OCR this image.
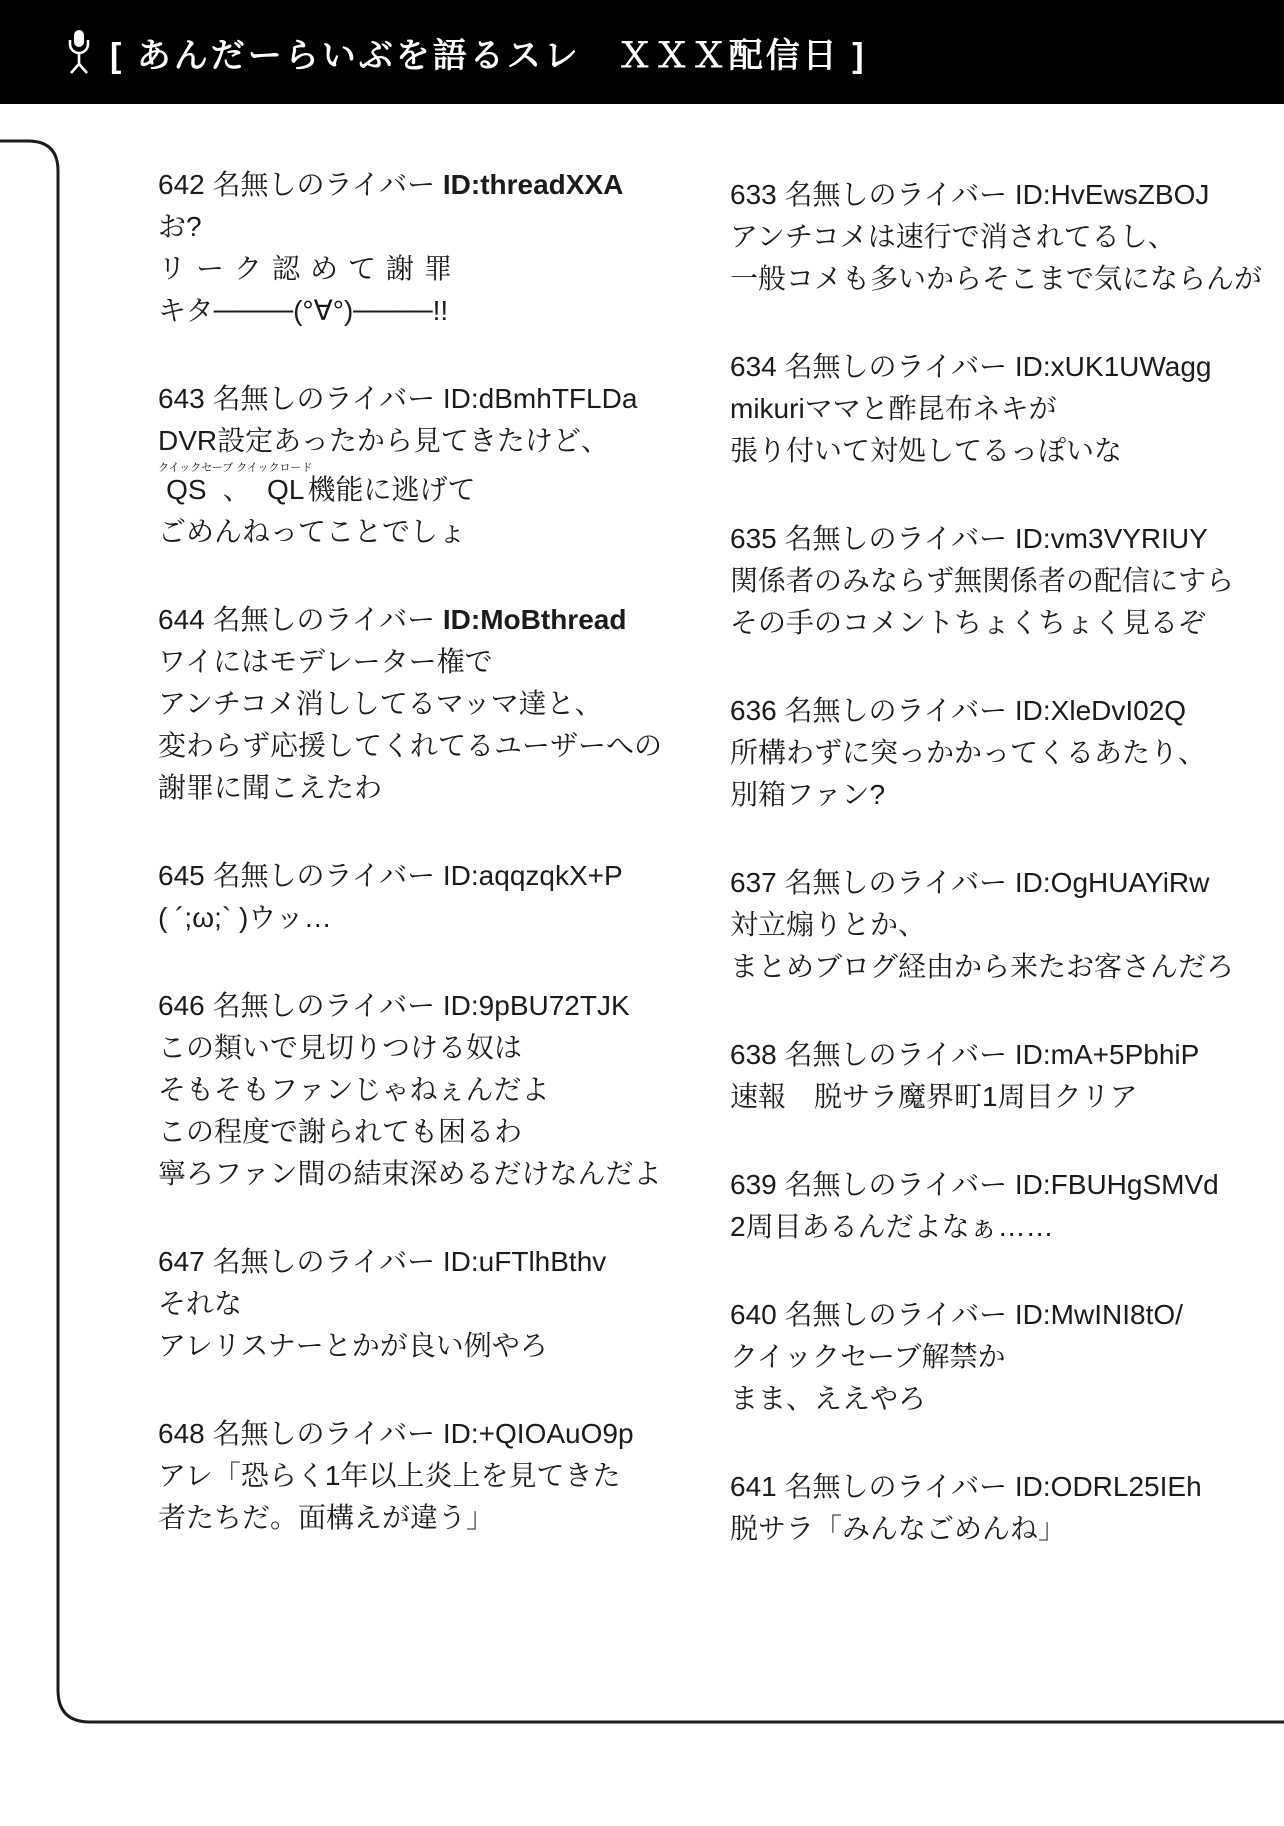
[ あんだーらいぶを語るスレ　ＸＸＸ配信日 ]
642 名無しのライバー ID:threadXXA
お?
リーク認めて謝罪
キタ────(°∀°)────!!
643 名無しのライバー ID:dBmhTFLDa
DVR設定あったから見てきたけど、
QS、QLクイックセーブ クイックロード機能に逃げて
ごめんねってことでしょ
644 名無しのライバー ID:MoBthread
ワイにはモデレーター権で
アンチコメ消ししてるマッマ達と、
変わらず応援してくれてるユーザーへの
謝罪に聞こえたわ
645 名無しのライバー ID:aqqzqkX+P
( ´;ω;` )ウッ…
646 名無しのライバー ID:9pBU72TJK
この類いで見切りつける奴は
そもそもファンじゃねぇんだよ
この程度で謝られても困るわ
寧ろファン間の結束深めるだけなんだよ
647 名無しのライバー ID:uFTlhBthv
それな
アレリスナーとかが良い例やろ
648 名無しのライバー ID:+QIOAuO9p
アレ「恐らく1年以上炎上を見てきた
者たちだ。面構えが違う」
633 名無しのライバー ID:HvEwsZBOJ
アンチコメは速行で消されてるし、
一般コメも多いからそこまで気にならんが
634 名無しのライバー ID:xUK1UWagg
mikuriママと酢昆布ネキが
張り付いて対処してるっぽいな
635 名無しのライバー ID:vm3VYRIUY
関係者のみならず無関係者の配信にすら
その手のコメントちょくちょく見るぞ
636 名無しのライバー ID:XleDvI02Q
所構わずに突っかかってくるあたり、
別箱ファン?
637 名無しのライバー ID:OgHUAYiRw
対立煽りとか、
まとめブログ経由から来たお客さんだろ
638 名無しのライバー ID:mA+5PbhiP
速報　脱サラ魔界町1周目クリア
639 名無しのライバー ID:FBUHgSMVd
2周目あるんだよなぁ……
640 名無しのライバー ID:MwINI8tO/
クイックセーブ解禁か
まま、ええやろ
641 名無しのライバー ID:ODRL25IEh
脱サラ「みんなごめんね」
